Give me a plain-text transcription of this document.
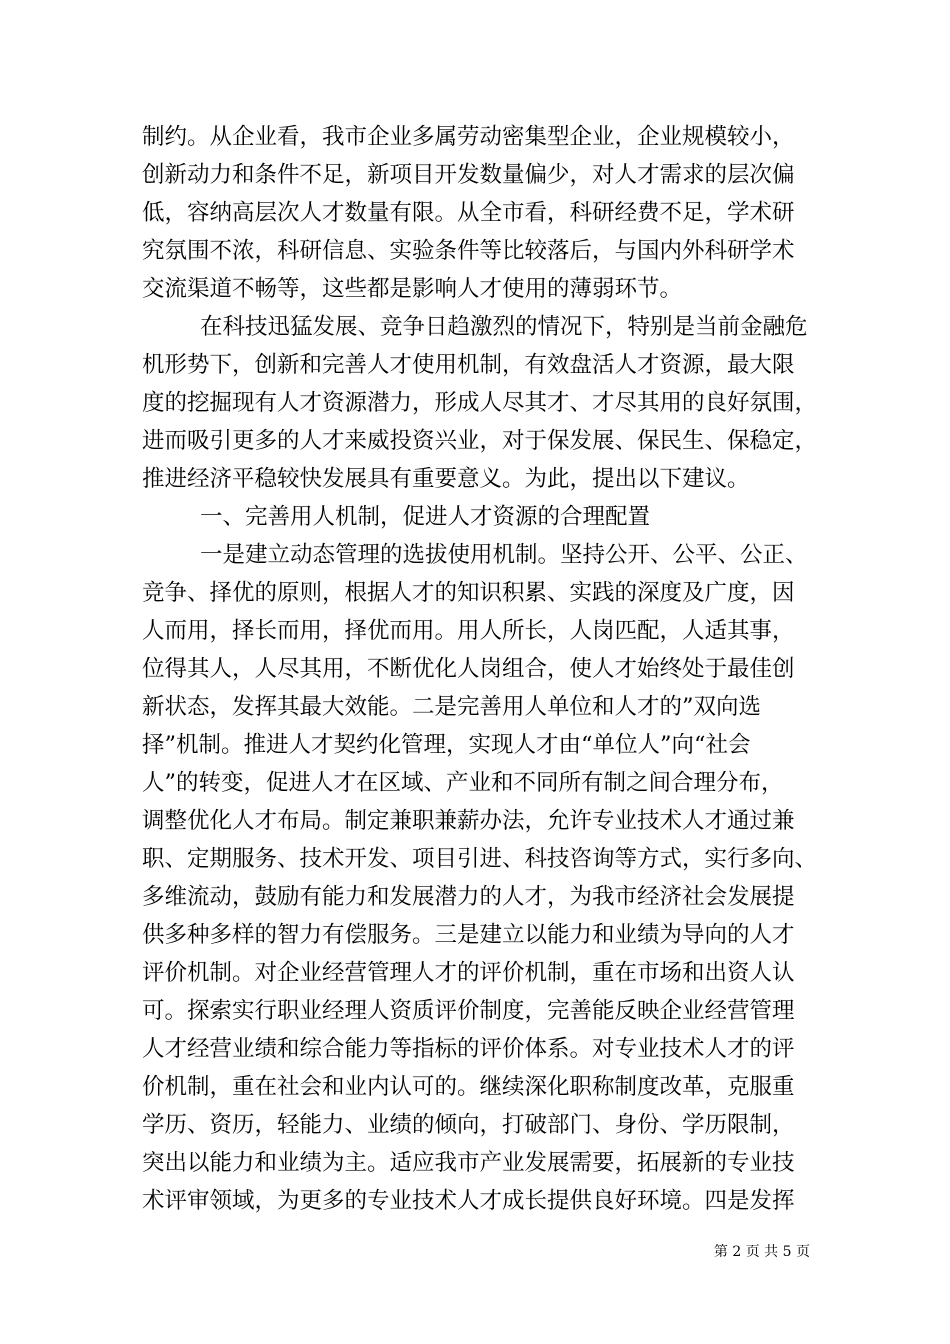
制约。从企业看，我市企业多属劳动密集型企业，企业规模较小，
创新动力和条件不足，新项目开发数量偏少，对人才需求的层次偏
低，容纳高层次人才数量有限。从全市看，科研经费不足，学术研
究氛围不浓，科研信息、实验条件等比较落后，与国内外科研学术
交流渠道不畅等，这些都是影响人才使用的薄弱环节。
在科技迅猛发展、竞争日趋激烈的情况下，特别是当前金融危
机形势下，创新和完善人才使用机制，有效盘活人才资源，最大限
度的挖掘现有人才资源潜力，形成人尽其才、才尽其用的良好氛围，
进而吸引更多的人才来威投资兴业，对于保发展、保民生、保稳定，
推进经济平稳较快发展具有重要意义。为此，提出以下建议。
一、完善用人机制，促进人才资源的合理配置
一是建立动态管理的选拔使用机制。坚持公开、公平、公正、
竞争、择优的原则，根据人才的知识积累、实践的深度及广度，因
人而用，择长而用，择优而用。用人所长，人岗匹配，人适其事，
位得其人，人尽其用，不断优化人岗组合，使人才始终处于最佳创
新状态，发挥其最大效能。二是完善用人单位和人才的”双向选
择”机制。推进人才契约化管理，实现人才由“单位人”向“社会
人”的转变，促进人才在区域、产业和不同所有制之间合理分布，
调整优化人才布局。制定兼职兼薪办法，允许专业技术人才通过兼
职、定期服务、技术开发、项目引进、科技咨询等方式，实行多向、
多维流动，鼓励有能力和发展潜力的人才，为我市经济社会发展提
供多种多样的智力有偿服务。三是建立以能力和业绩为导向的人才
评价机制。对企业经营管理人才的评价机制，重在市场和出资人认
可。探索实行职业经理人资质评价制度，完善能反映企业经营管理
人才经营业绩和综合能力等指标的评价体系。对专业技术人才的评
价机制，重在社会和业内认可的。继续深化职称制度改革，克服重
学历、资历，轻能力、业绩的倾向，打破部门、身份、学历限制，
突出以能力和业绩为主。适应我市产业发展需要，拓展新的专业技
术评审领域，为更多的专业技术人才成长提供良好环境。四是发挥
第 2 页 共 5 页
